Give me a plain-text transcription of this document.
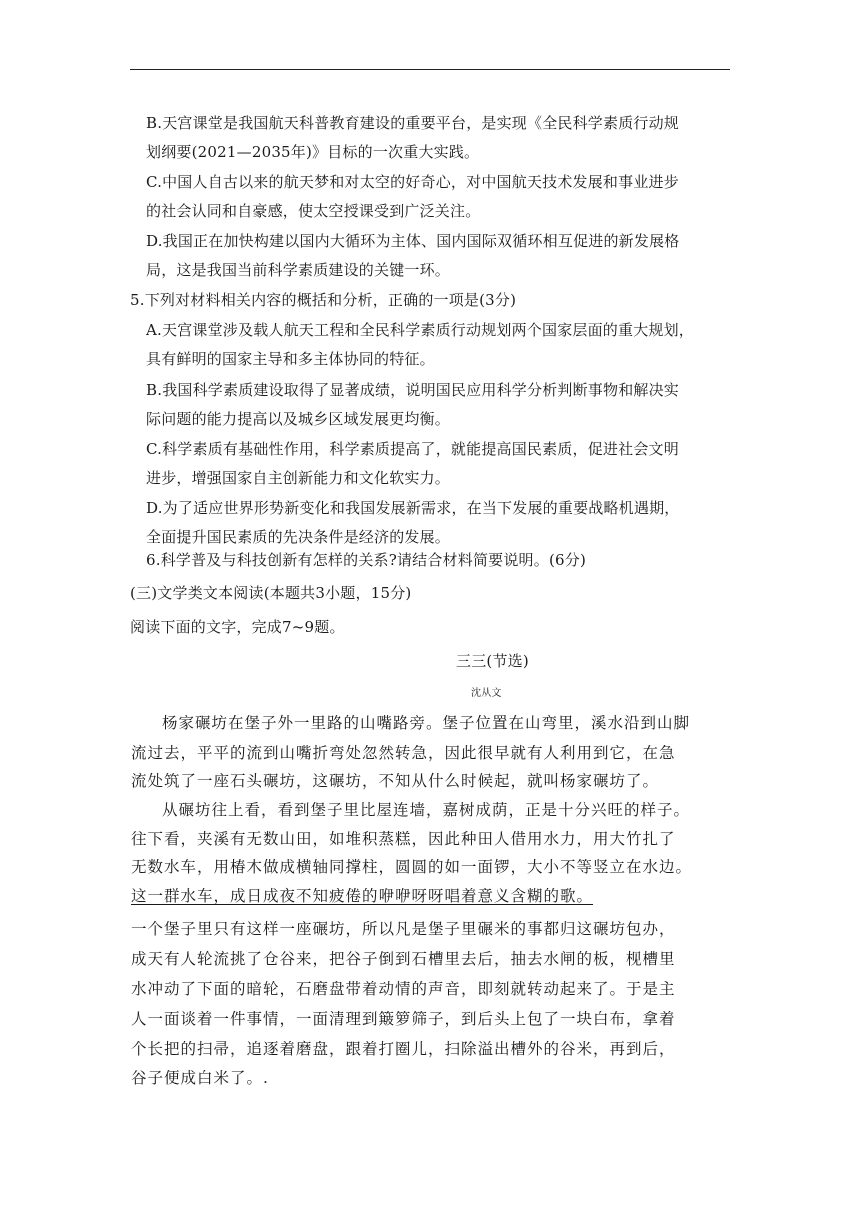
B.天宫课堂是我国航天科普教育建设的重要平台，是实现《全民科学素质行动规
划纲要(2021—2035年)》目标的一次重大实践。
C.中国人自古以来的航天梦和对太空的好奇心，对中国航天技术发展和事业进步
的社会认同和自豪感，使太空授课受到广泛关注。
D.我国正在加快构建以国内大循环为主体、国内国际双循环相互促进的新发展格
局，这是我国当前科学素质建设的关键一环。
5.下列对材料相关内容的概括和分析，正确的一项是(3分)
A.天宫课堂涉及载人航天工程和全民科学素质行动规划两个国家层面的重大规划，
具有鲜明的国家主导和多主体协同的特征。
B.我国科学素质建设取得了显著成绩，说明国民应用科学分析判断事物和解决实
际问题的能力提高以及城乡区域发展更均衡。
C.科学素质有基础性作用，科学素质提高了，就能提高国民素质，促进社会文明
进步，增强国家自主创新能力和文化软实力。
D.为了适应世界形势新变化和我国发展新需求，在当下发展的重要战略机遇期，
全面提升国民素质的先决条件是经济的发展。
6.科学普及与科技创新有怎样的关系?请结合材料简要说明。(6分)
(三)文学类文本阅读(本题共3小题，15分)
阅读下面的文字，完成7~9题。
三三(节选)
沈从文
杨家碾坊在堡子外一里路的山嘴路旁。堡子位置在山弯里，溪水沿到山脚
流过去，平平的流到山嘴折弯处忽然转急，因此很早就有人利用到它，在急
流处筑了一座石头碾坊，这碾坊，不知从什么时候起，就叫杨家碾坊了。
从碾坊往上看，看到堡子里比屋连墙，嘉树成荫，正是十分兴旺的样子。
往下看，夹溪有无数山田，如堆积蒸糕，因此种田人借用水力，用大竹扎了
无数水车，用椿木做成横轴同撑柱，圆圆的如一面锣，大小不等竖立在水边。
这一群水车，成日成夜不知疲倦的咿咿呀呀唱着意义含糊的歌。
一个堡子里只有这样一座碾坊，所以凡是堡子里碾米的事都归这碾坊包办，
成天有人轮流挑了仓谷来，把谷子倒到石槽里去后，抽去水闸的板，枧槽里
水冲动了下面的暗轮，石磨盘带着动情的声音，即刻就转动起来了。于是主
人一面谈着一件事情，一面清理到簸箩筛子，到后头上包了一块白布，拿着
个长把的扫帚，追逐着磨盘，跟着打圈儿，扫除溢出槽外的谷米，再到后，
谷子便成白米了。.
